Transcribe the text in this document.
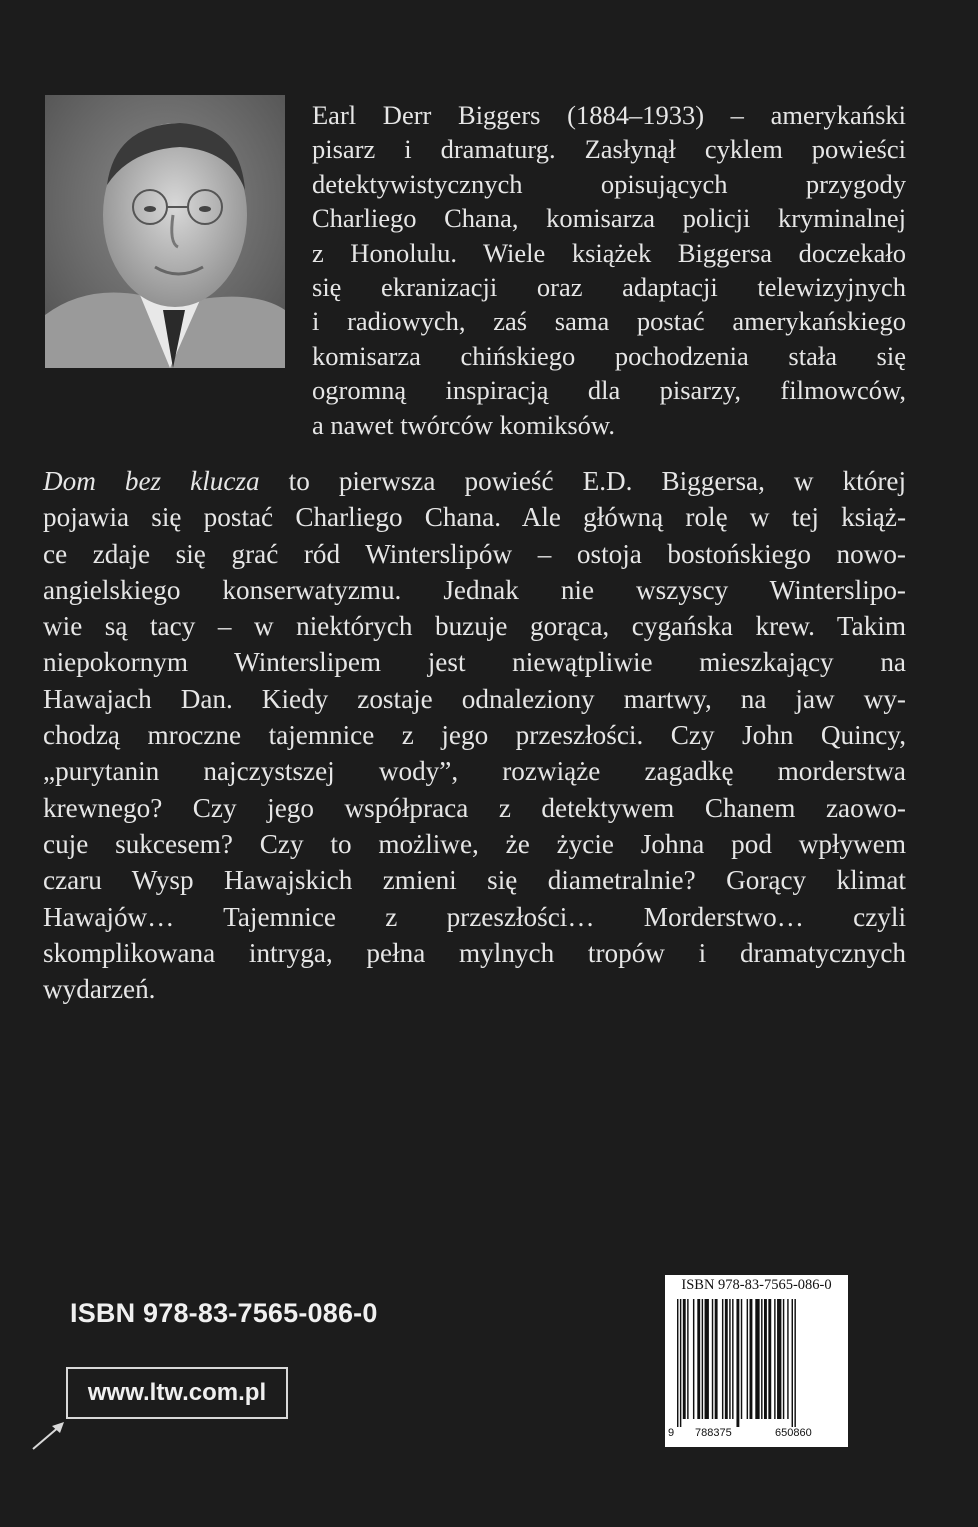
Earl Derr Biggers (1884–1933) – amerykański
pisarz i dramaturg. Zasłynął cyklem powieści
detektywistycznych opisujących przygody
Charliego Chana, komisarza policji kryminalnej
z Honolulu. Wiele książek Biggersa doczekało
się ekranizacji oraz adaptacji telewizyjnych
i radiowych, zaś sama postać amerykańskiego
komisarza chińskiego pochodzenia stała się
ogromną inspiracją dla pisarzy, filmowców,
a nawet twórców komiksów.
Dom bez klucza to pierwsza powieść E.D. Biggersa, w której
pojawia się postać Charliego Chana. Ale główną rolę w tej książ-
ce zdaje się grać ród Winterslipów – ostoja bostońskiego nowo-
angielskiego konserwatyzmu. Jednak nie wszyscy Winterslipo-
wie są tacy – w niektórych buzuje gorąca, cygańska krew. Takim
niepokornym Winterslipem jest niewątpliwie mieszkający na
Hawajach Dan. Kiedy zostaje odnaleziony martwy, na jaw wy-
chodzą mroczne tajemnice z jego przeszłości. Czy John Quincy,
„purytanin najczystszej wody”, rozwiąże zagadkę morderstwa
krewnego? Czy jego współpraca z detektywem Chanem zaowo-
cuje sukcesem? Czy to możliwe, że życie Johna pod wpływem
czaru Wysp Hawajskich zmieni się diametralnie? Gorący klimat
Hawajów… Tajemnice z przeszłości… Morderstwo… czyli
skomplikowana intryga, pełna mylnych tropów i dramatycznych
wydarzeń.
ISBN 978-83-7565-086-0
www.ltw.com.pl
ISBN 978-83-7565-086-0
9 788375	650860
